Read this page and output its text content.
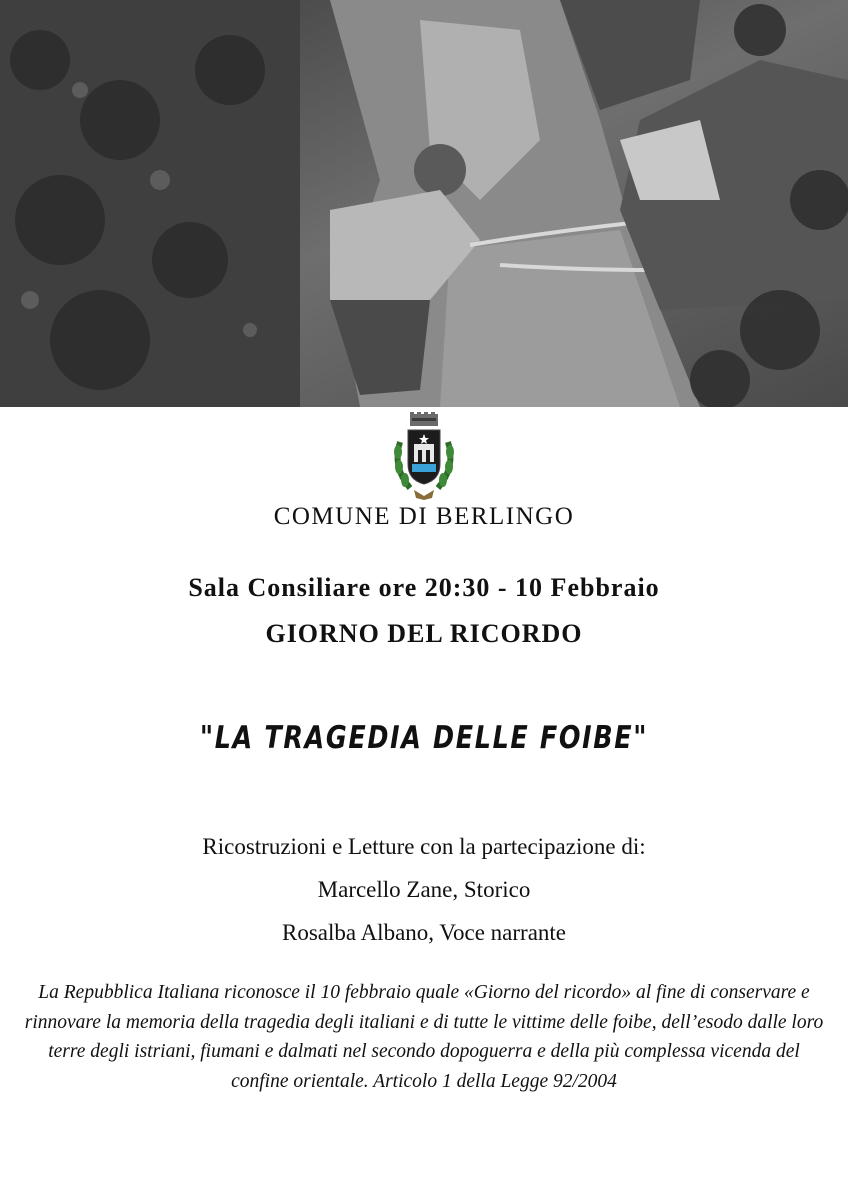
COMUNE DI BERLINGO
Sala Consiliare ore 20:30 - 10 Febbraio
GIORNO DEL RICORDO
"LA TRAGEDIA DELLE FOIBE"
Ricostruzioni e Letture con la partecipazione di:
Marcello Zane, Storico
Rosalba Albano, Voce narrante
La Repubblica Italiana riconosce il 10 febbraio quale «Giorno del ricordo» al fine di conservare e rinnovare la memoria della tragedia degli italiani e di tutte le vittime delle foibe, dell’esodo dalle loro terre degli istriani, fiumani e dalmati nel secondo dopoguerra e della più complessa vicenda del confine orientale. Articolo 1 della Legge 92/2004
